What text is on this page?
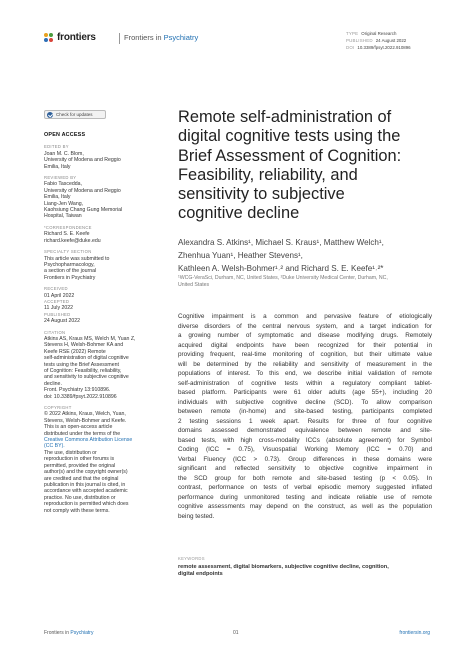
frontiers	Frontiers in Psychiatry	TYPE Original Research
PUBLISHED 24 August 2022
DOI 10.3389/fpsyt.2022.910896
Check for updates
OPEN ACCESS
EDITED BY
Joan M. C. Blom,
University of Modena and Reggio
Emilia, Italy
REVIEWED BY
Fabio Tascedda,
University of Modena and Reggio
Emilia, Italy
Liang-Jen Wang,
Kaohsiung Chang Gung Memorial
Hospital, Taiwan
*CORRESPONDENCE
Richard S. E. Keefe
richard.keefe@duke.edu
SPECIALTY SECTION
This article was submitted to
Psychopharmacology,
a section of the journal
Frontiers in Psychiatry
RECEIVED
01 April 2022
ACCEPTED
11 July 2022
PUBLISHED
24 August 2022
CITATION
Atkins AS, Kraus MS, Welch M, Yuan Z,
Stevens H, Welsh-Bohmer KA and
Keefe RSE (2022) Remote
self-administration of digital cognitive
tests using the Brief Assessment
of Cognition: Feasibility, reliability,
and sensitivity to subjective cognitive
decline.
Front. Psychiatry 13:910896.
doi: 10.3389/fpsyt.2022.910896
COPYRIGHT
© 2022 Atkins, Kraus, Welch, Yuan,
Stevens, Welsh-Bohmer and Keefe.
This is an open-access article
distributed under the terms of the
Creative Commons Attribution License
(CC BY).
The use, distribution or
reproduction in other forums is
permitted, provided the original
author(s) and the copyright owner(s)
are credited and that the original
publication in this journal is cited, in
accordance with accepted academic
practice. No use, distribution or
reproduction is permitted which does
not comply with these terms.
Remote self-administration of
digital cognitive tests using the
Brief Assessment of Cognition:
Feasibility, reliability, and
sensitivity to subjective
cognitive decline
Alexandra S. Atkins¹, Michael S. Kraus¹, Matthew Welch¹,
Zhenhua Yuan¹, Heather Stevens¹,
Kathleen A. Welsh-Bohmer¹˒² and Richard S. E. Keefe¹˒²*
¹WCG-VeraSci, Durham, NC, United States, ²Duke University Medical Center, Durham, NC,
United States
Cognitive impairment is a common and pervasive feature of etiologically
diverse disorders of the central nervous system, and a target indication for
a growing number of symptomatic and disease modifying drugs. Remotely
acquired digital endpoints have been recognized for their potential in
providing frequent, real-time monitoring of cognition, but their ultimate value
will be determined by the reliability and sensitivity of measurement in the
populations of interest. To this end, we describe initial validation of remote
self-administration of cognitive tests within a regulatory compliant tablet-
based platform. Participants were 61 older adults (age 55+), including 20
individuals with subjective cognitive decline (SCD). To allow comparison
between remote (in-home) and site-based testing, participants completed
2 testing sessions 1 week apart. Results for three of four cognitive
domains assessed demonstrated equivalence between remote and site-
based tests, with high cross-modality ICCs (absolute agreement) for Symbol
Coding (ICC = 0.75), Visuospatial Working Memory (ICC = 0.70) and
Verbal Fluency (ICC > 0.73). Group differences in these domains were
significant and reflected sensitivity to objective cognitive impairment in
the SCD group for both remote and site-based testing (p < 0.05). In
contrast, performance on tests of verbal episodic memory suggested inflated
performance during unmonitored testing and indicate reliable use of remote
cognitive assessments may depend on the construct, as well as the population
being tested.
KEYWORDS
remote assessment, digital biomarkers, subjective cognitive decline, cognition,
digital endpoints
Frontiers in Psychiatry	01	frontiersin.org
